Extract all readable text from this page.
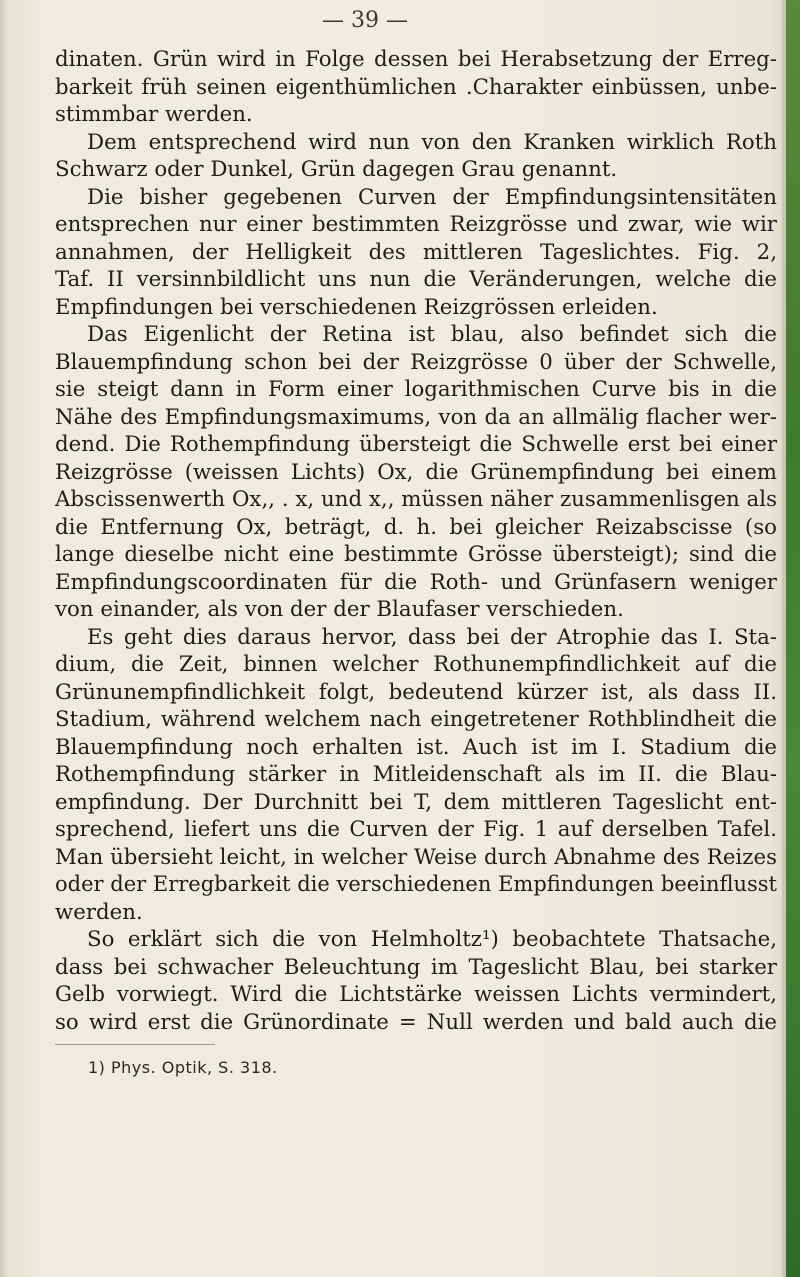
— 39 —
dinaten. Grün wird in Folge dessen bei Herabsetzung der Erreg-
barkeit früh seinen eigenthümlichen .Charakter einbüssen, unbe-
stimmbar werden.
Dem entsprechend wird nun von den Kranken wirklich Roth
Schwarz oder Dunkel, Grün dagegen Grau genannt.
Die bisher gegebenen Curven der Empfindungsintensitäten
entsprechen nur einer bestimmten Reizgrösse und zwar, wie wir
annahmen, der Helligkeit des mittleren Tageslichtes. Fig. 2,
Taf. II versinnbildlicht uns nun die Veränderungen, welche die
Empfindungen bei verschiedenen Reizgrössen erleiden.
Das Eigenlicht der Retina ist blau, also befindet sich die
Blauempfindung schon bei der Reizgrösse 0 über der Schwelle,
sie steigt dann in Form einer logarithmischen Curve bis in die
Nähe des Empfindungsmaximums, von da an allmälig flacher wer-
dend. Die Rothempfindung übersteigt die Schwelle erst bei einer
Reizgrösse (weissen Lichts) Ox, die Grünempfindung bei einem
Abscissenwerth Ox,, . x, und x,, müssen näher zusammenlisgen als
die Entfernung Ox, beträgt, d. h. bei gleicher Reizabscisse (so
lange dieselbe nicht eine bestimmte Grösse übersteigt); sind die
Empfindungscoordinaten für die Roth- und Grünfasern weniger
von einander, als von der der Blaufaser verschieden.
Es geht dies daraus hervor, dass bei der Atrophie das I. Sta-
dium, die Zeit, binnen welcher Rothunempfindlichkeit auf die
Grünunempfindlichkeit folgt, bedeutend kürzer ist, als dass II.
Stadium, während welchem nach eingetretener Rothblindheit die
Blauempfindung noch erhalten ist. Auch ist im I. Stadium die
Rothempfindung stärker in Mitleidenschaft als im II. die Blau-
empfindung. Der Durchnitt bei T, dem mittleren Tageslicht ent-
sprechend, liefert uns die Curven der Fig. 1 auf derselben Tafel.
Man übersieht leicht, in welcher Weise durch Abnahme des Reizes
oder der Erregbarkeit die verschiedenen Empfindungen beeinflusst
werden.
So erklärt sich die von Helmholtz¹) beobachtete Thatsache,
dass bei schwacher Beleuchtung im Tageslicht Blau, bei starker
Gelb vorwiegt. Wird die Lichtstärke weissen Lichts vermindert,
so wird erst die Grünordinate = Null werden und bald auch die
1) Phys. Optik, S. 318.
